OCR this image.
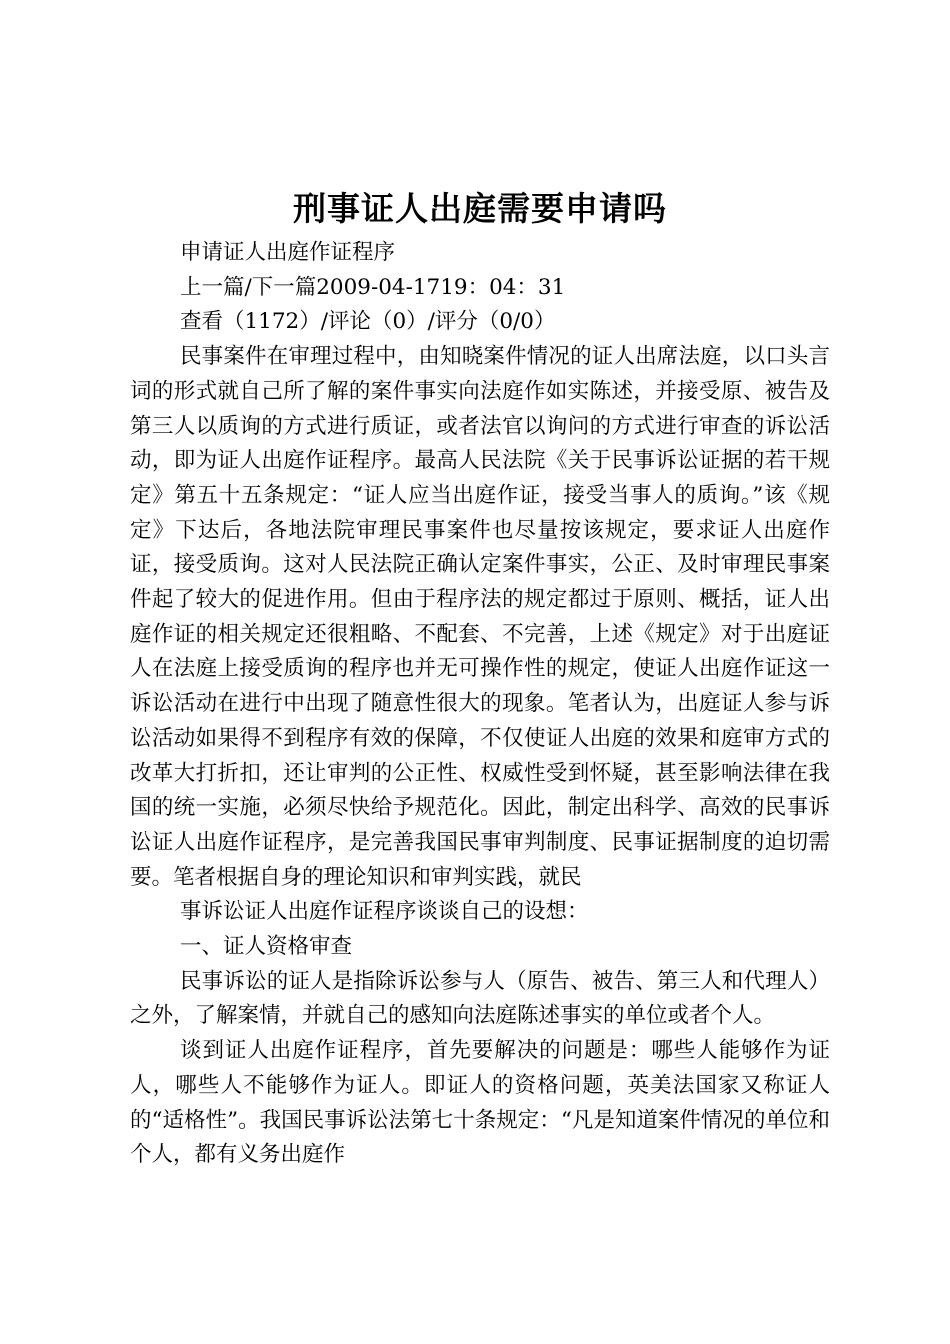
刑事证人出庭需要申请吗

申请证人出庭作证程序

上一篇/下一篇2009-04-1719：04：31

查看（1172）/评论（0）/评分（0/0）

民事案件在审理过程中，由知晓案件情况的证人出席法庭，以口头言词的形式就自己所了解的案件事实向法庭作如实陈述，并接受原、被告及第三人以质询的方式进行质证，或者法官以询问的方式进行审查的诉讼活动，即为证人出庭作证程序。最高人民法院《关于民事诉讼证据的若干规定》第五十五条规定：“证人应当出庭作证，接受当事人的质询。”该《规定》下达后，各地法院审理民事案件也尽量按该规定，要求证人出庭作证，接受质询。这对人民法院正确认定案件事实，公正、及时审理民事案件起了较大的促进作用。但由于程序法的规定都过于原则、概括，证人出庭作证的相关规定还很粗略、不配套、不完善，上述《规定》对于出庭证人在法庭上接受质询的程序也并无可操作性的规定，使证人出庭作证这一诉讼活动在进行中出现了随意性很大的现象。笔者认为，出庭证人参与诉讼活动如果得不到程序有效的保障，不仅使证人出庭的效果和庭审方式的改革大打折扣，还让审判的公正性、权威性受到怀疑，甚至影响法律在我国的统一实施，必须尽快给予规范化。因此，制定出科学、高效的民事诉讼证人出庭作证程序，是完善我国民事审判制度、民事证据制度的迫切需要。笔者根据自身的理论知识和审判实践，就民

事诉讼证人出庭作证程序谈谈自己的设想：

一、证人资格审查

民事诉讼的证人是指除诉讼参与人（原告、被告、第三人和代理人）之外，了解案情，并就自己的感知向法庭陈述事实的单位或者个人。

谈到证人出庭作证程序，首先要解决的问题是：哪些人能够作为证人，哪些人不能够作为证人。即证人的资格问题，英美法国家又称证人的“适格性”。我国民事诉讼法第七十条规定：“凡是知道案件情况的单位和个人，都有义务出庭作
